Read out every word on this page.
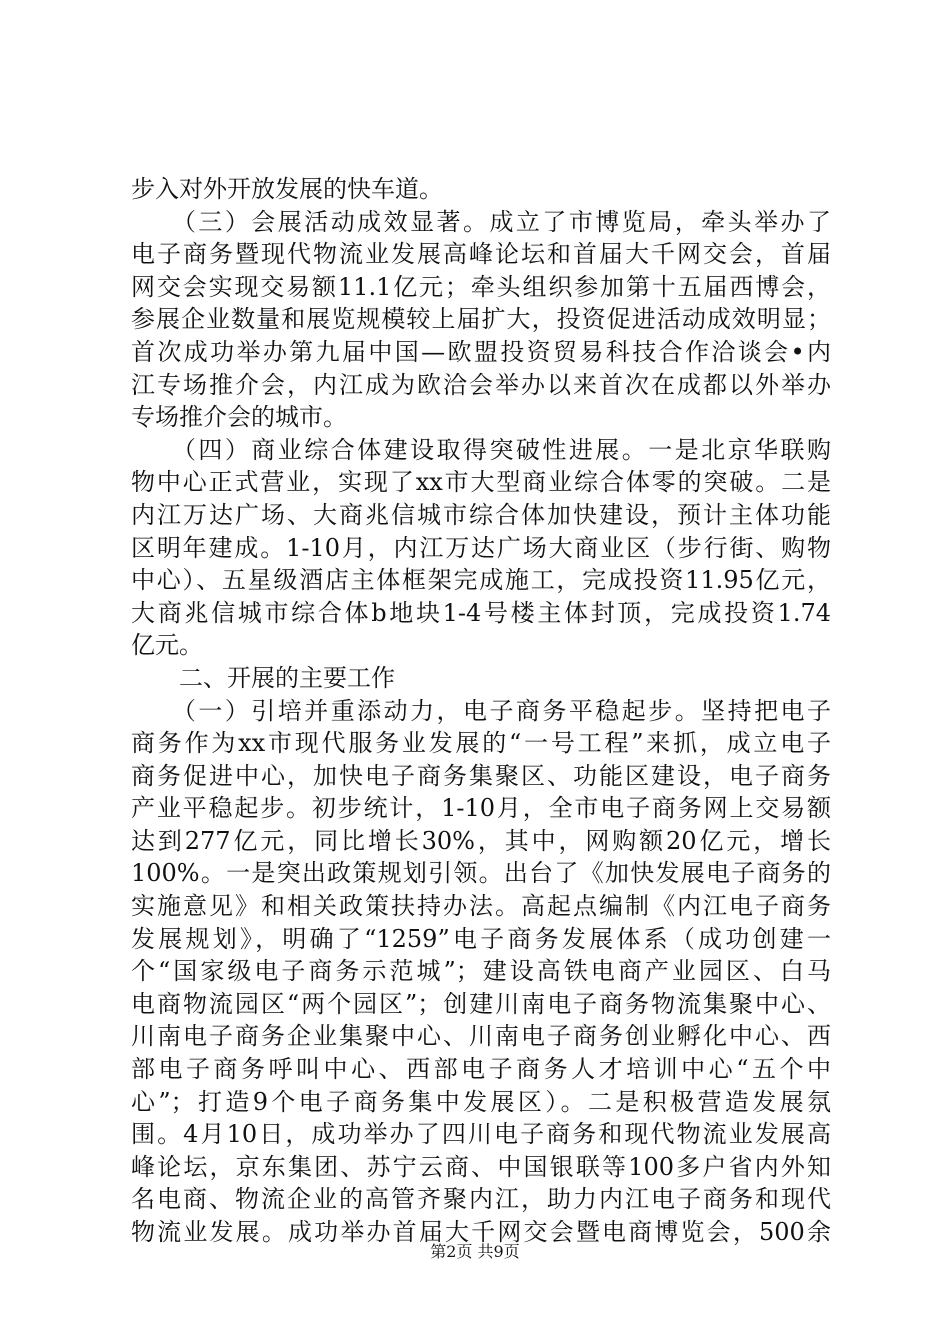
步入对外开放发展的快车道。
　　（三）会展活动成效显著。成立了市博览局，牵头举办了
电子商务暨现代物流业发展高峰论坛和首届大千网交会，首届
网交会实现交易额11.1亿元；牵头组织参加第十五届西博会，
参展企业数量和展览规模较上届扩大，投资促进活动成效明显；
首次成功举办第九届中国—欧盟投资贸易科技合作洽谈会•内
江专场推介会，内江成为欧洽会举办以来首次在成都以外举办
专场推介会的城市。
　　（四）商业综合体建设取得突破性进展。一是北京华联购
物中心正式营业，实现了xx市大型商业综合体零的突破。二是
内江万达广场、大商兆信城市综合体加快建设，预计主体功能
区明年建成。1-10月，内江万达广场大商业区（步行街、购物
中心）、五星级酒店主体框架完成施工，完成投资11.95亿元，
大商兆信城市综合体b地块1-4号楼主体封顶，完成投资1.74
亿元。
　　二、开展的主要工作
　　（一）引培并重添动力，电子商务平稳起步。坚持把电子
商务作为xx市现代服务业发展的“一号工程”来抓，成立电子
商务促进中心，加快电子商务集聚区、功能区建设，电子商务
产业平稳起步。初步统计，1-10月，全市电子商务网上交易额
达到277亿元，同比增长30%，其中，网购额20亿元，增长
100%。一是突出政策规划引领。出台了《加快发展电子商务的
实施意见》和相关政策扶持办法。高起点编制《内江电子商务
发展规划》，明确了“1259”电子商务发展体系（成功创建一
个“国家级电子商务示范城”；建设高铁电商产业园区、白马
电商物流园区“两个园区”；创建川南电子商务物流集聚中心、
川南电子商务企业集聚中心、川南电子商务创业孵化中心、西
部电子商务呼叫中心、西部电子商务人才培训中心“五个中
心”；打造9个电子商务集中发展区）。二是积极营造发展氛
围。4月10日，成功举办了四川电子商务和现代物流业发展高
峰论坛，京东集团、苏宁云商、中国银联等100多户省内外知
名电商、物流企业的高管齐聚内江，助力内江电子商务和现代
物流业发展。成功举办首届大千网交会暨电商博览会，500余
第2页 共9页
